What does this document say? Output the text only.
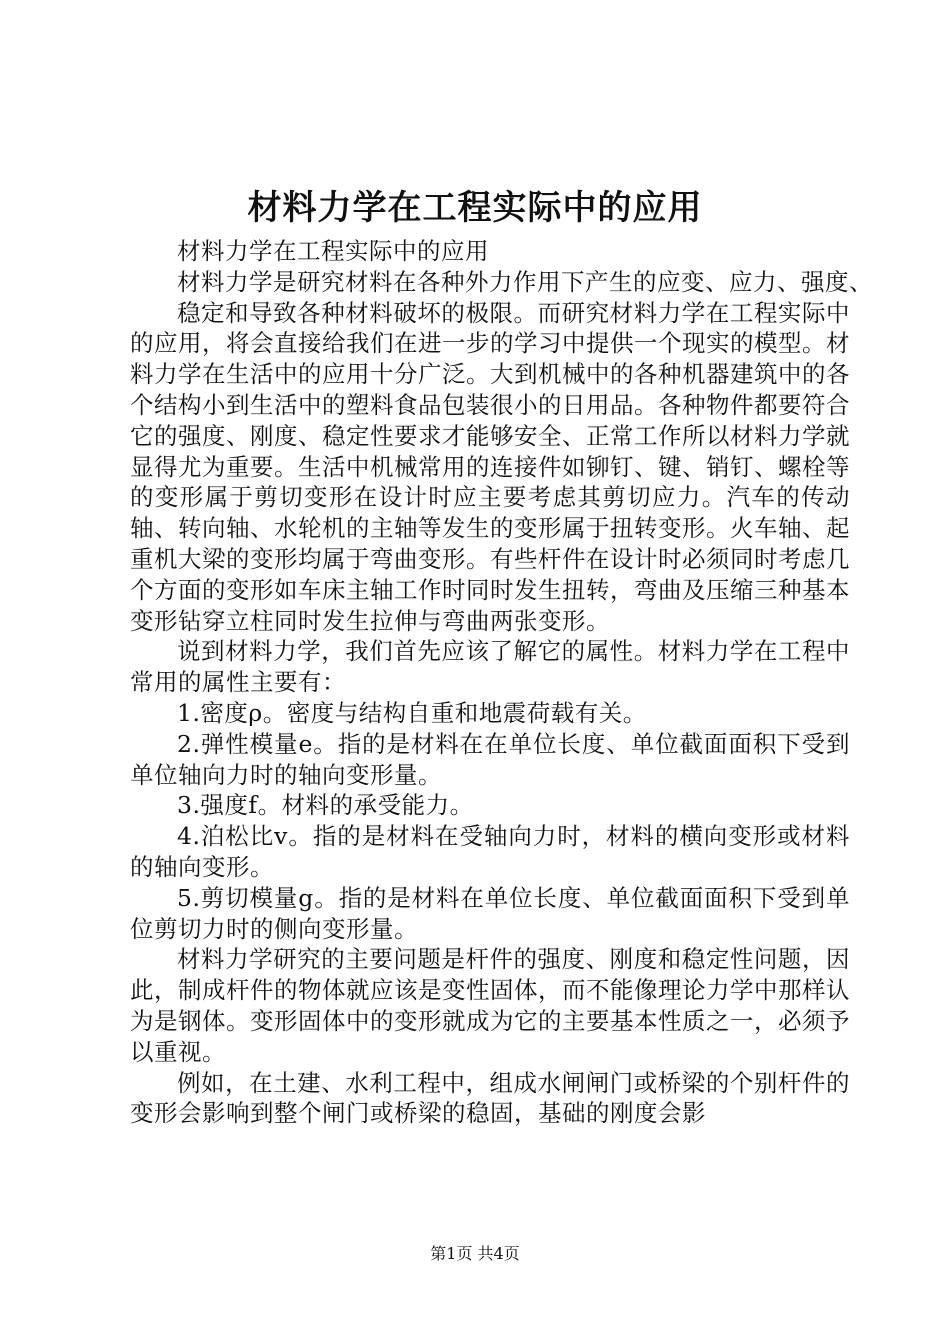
材料力学在工程实际中的应用

材料力学在工程实际中的应用

材料力学是研究材料在各种外力作用下产生的应变、应力、强度、

稳定和导致各种材料破坏的极限。而研究材料力学在工程实际中的应用，将会直接给我们在进一步的学习中提供一个现实的模型。材料力学在生活中的应用十分广泛。大到机械中的各种机器建筑中的各个结构小到生活中的塑料食品包装很小的日用品。各种物件都要符合它的强度、刚度、稳定性要求才能够安全、正常工作所以材料力学就显得尤为重要。生活中机械常用的连接件如铆钉、键、销钉、螺栓等的变形属于剪切变形在设计时应主要考虑其剪切应力。汽车的传动轴、转向轴、水轮机的主轴等发生的变形属于扭转变形。火车轴、起重机大梁的变形均属于弯曲变形。有些杆件在设计时必须同时考虑几个方面的变形如车床主轴工作时同时发生扭转，弯曲及压缩三种基本变形钻穿立柱同时发生拉伸与弯曲两张变形。

说到材料力学，我们首先应该了解它的属性。材料力学在工程中常用的属性主要有：

1.密度ρ。密度与结构自重和地震荷载有关。

2.弹性模量e。指的是材料在在单位长度、单位截面面积下受到单位轴向力时的轴向变形量。

3.强度f。材料的承受能力。

4.泊松比v。指的是材料在受轴向力时，材料的横向变形或材料的轴向变形。

5.剪切模量g。指的是材料在单位长度、单位截面面积下受到单位剪切力时的侧向变形量。

材料力学研究的主要问题是杆件的强度、刚度和稳定性问题，因此，制成杆件的物体就应该是变性固体，而不能像理论力学中那样认为是钢体。变形固体中的变形就成为它的主要基本性质之一，必须予以重视。

例如，在土建、水利工程中，组成水闸闸门或桥梁的个别杆件的变形会影响到整个闸门或桥梁的稳固，基础的刚度会影

第1页 共4页
